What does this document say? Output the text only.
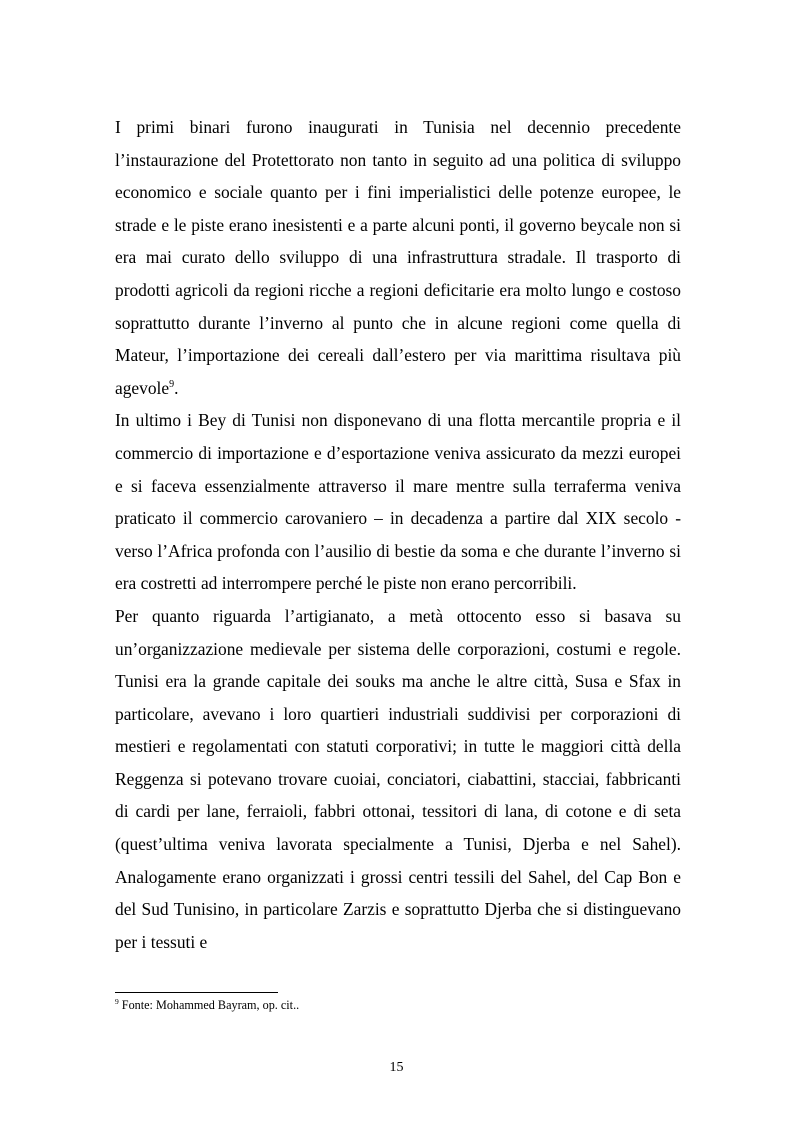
I primi binari furono inaugurati in Tunisia nel decennio precedente l’instaurazione del Protettorato non tanto in seguito ad una politica di sviluppo economico e sociale quanto per i fini imperialistici delle potenze europee, le strade e le piste erano inesistenti e a parte alcuni ponti, il governo beycale non si era mai curato dello sviluppo di una infrastruttura stradale. Il trasporto di prodotti agricoli da regioni ricche a regioni deficitarie era molto lungo e costoso soprattutto durante l’inverno al punto che in alcune regioni come quella di Mateur, l’importazione dei cereali dall’estero per via marittima risultava più agevole$^9$.

In ultimo i Bey di Tunisi non disponevano di una flotta mercantile propria e il commercio di importazione e d’esportazione veniva assicurato da mezzi europei e si faceva essenzialmente attraverso il mare mentre sulla terraferma veniva praticato il commercio carovaniero – in decadenza a partire dal XIX secolo - verso l’Africa profonda con l’ausilio di bestie da soma e che durante l’inverno si era costretti ad interrompere perché le piste non erano percorribili.

Per quanto riguarda l’artigianato, a metà ottocento esso si basava su un’organizzazione medievale per sistema delle corporazioni, costumi e regole. Tunisi era la grande capitale dei souks ma anche le altre città, Susa e Sfax in particolare, avevano i loro quartieri industriali suddivisi per corporazioni di mestieri e regolamentati con statuti corporativi; in tutte le maggiori città della Reggenza si potevano trovare cuoiai, conciatori, ciabattini, stacciai, fabbricanti di cardi per lane, ferraioli, fabbri ottonai, tessitori di lana, di cotone e di seta (quest’ultima veniva lavorata specialmente a Tunisi, Djerba e nel Sahel). Analogamente erano organizzati i grossi centri tessili del Sahel, del Cap Bon e del Sud Tunisino, in particolare Zarzis e soprattutto Djerba che si distinguevano per i tessuti e

$^9$ Fonte: Mohammed Bayram, op. cit..
15
